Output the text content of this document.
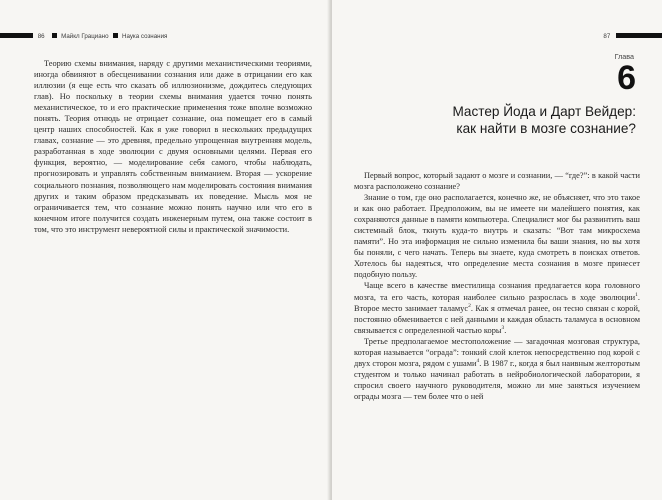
86	Майкл Грациано Наука сознания

Теорию схемы внимания, наряду с другими механистическими теориями, иногда обвиняют в обесценивании сознания или даже в отрицании его как иллюзии (я еще есть что сказать об иллюзионизме, дождитесь следующих глав). Но поскольку в теории схемы внимания удается точно понять механистическое, то и его практические применения тоже вполне возможно понять. Теория отнюдь не отрицает сознание, она помещает его в самый центр наших способностей. Как я уже говорил в нескольких предыдущих главах, сознание — это древняя, предельно упрощенная внутренняя модель, разработанная в ходе эволюции с двумя основными целями. Первая его функция, вероятно, — моделирование себя самого, чтобы наблюдать, прогнозировать и управлять собственным вниманием. Вторая — ускорение социального познания, позволяющего нам моделировать состояния внимания других и таким образом предсказывать их поведение. Мысль моя не ограничивается тем, что сознание можно понять научно или что его в конечном итоге получится создать инженерным путем, она также состоит в том, что это инструмент невероятной силы и практической значимости.

87
Глава
6
Мастер Йода и Дарт Вейдер:
как найти в мозге сознание?

Первый вопрос, который задают о мозге и сознании, — “где?”: в какой части мозга расположено сознание?

Знание о том, где оно располагается, конечно же, не объясняет, что это такое и как оно работает. Предположим, вы не имеете ни малейшего понятия, как сохраняются данные в памяти компьютера. Специалист мог бы развинтить ваш системный блок, ткнуть куда-то внутрь и сказать: “Вот там микросхема памяти”. Но эта информация не сильно изменила бы ваши знания, но вы хотя бы поняли, с чего начать. Теперь вы знаете, куда смотреть в поисках ответов. Хотелось бы надеяться, что определение места сознания в мозге принесет подобную пользу.

Чаще всего в качестве вместилища сознания предлагается кора головного мозга, та его часть, которая наиболее сильно разрослась в ходе эволюции$^1$. Второе место занимает таламус$^2$. Как я отмечал ранее, он тесно связан с корой, постоянно обменивается с ней данными и каждая область таламуса в основном связывается с определенной частью коры$^3$.

Третье предполагаемое местоположение — загадочная мозговая структура, которая называется “ограда”: тонкий слой клеток непосредственно под корой с двух сторон мозга, рядом с ушами$^4$. В 1987 г., когда я был наивным желторотым студентом и только начинал работать в нейробиологической лаборатории, я спросил своего научного руководителя, можно ли мне заняться изучением ограды мозга — тем более что о ней
